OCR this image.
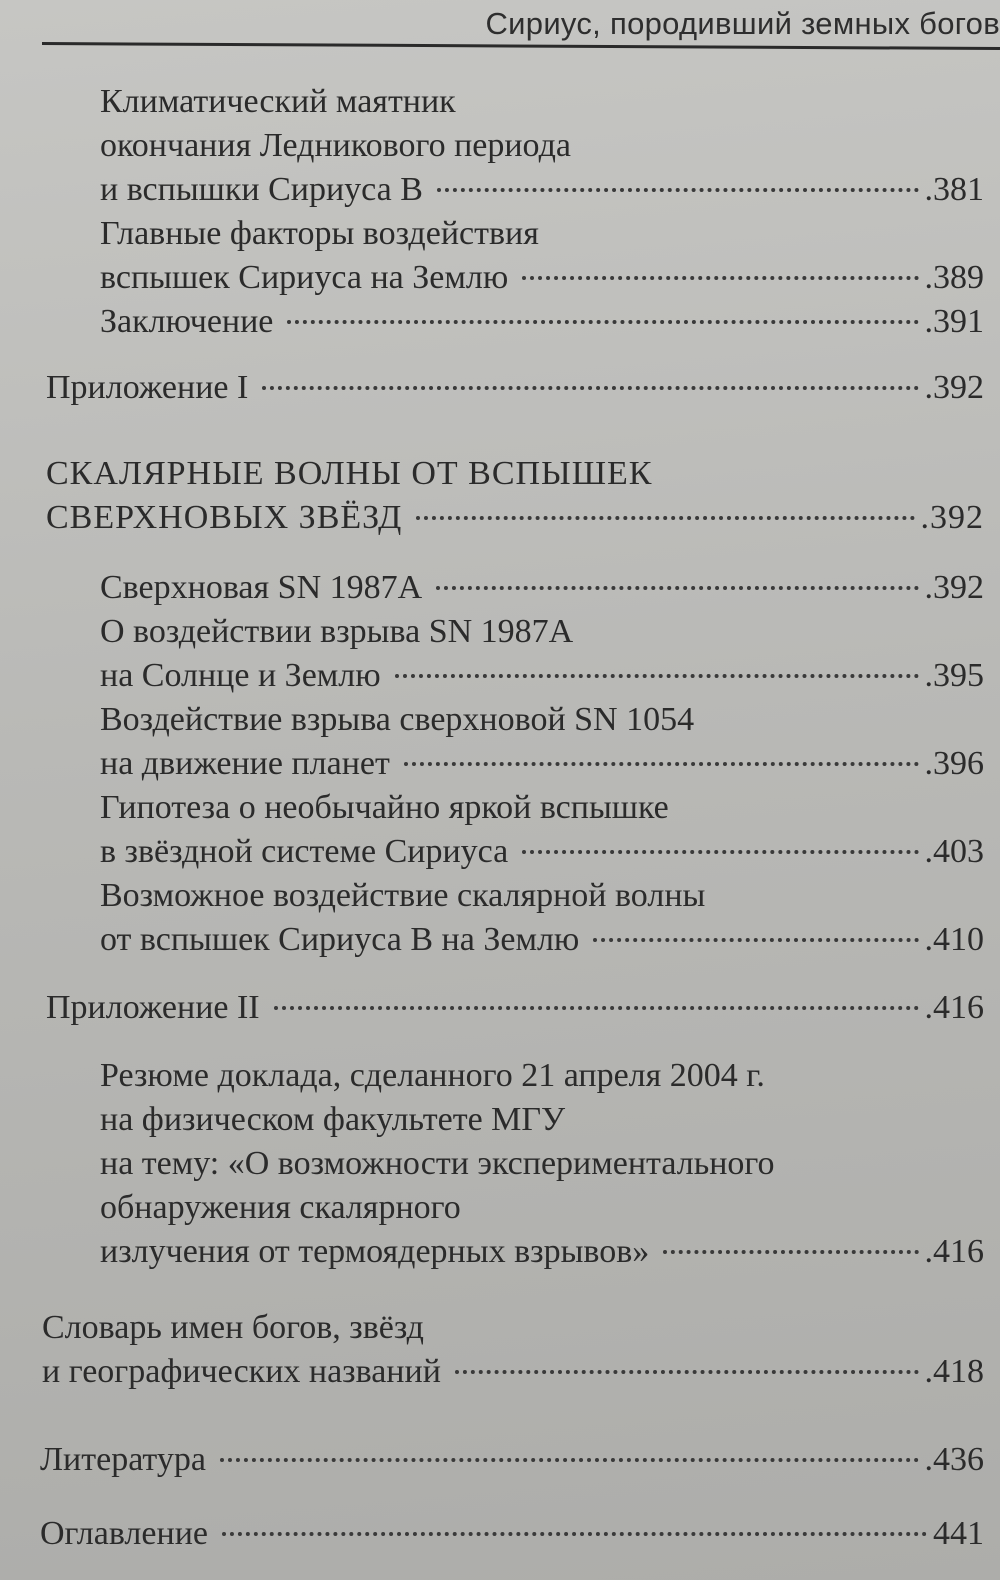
Сириус, породивший земных богов
Климатический маятник
окончания Ледникового периода
и вспышки Сириуса В	.381
Главные факторы воздействия
вспышек Сириуса на Землю	.389
Заключение	.391
Приложение I	.392
СКАЛЯРНЫЕ ВОЛНЫ ОТ ВСПЫШЕК
СВЕРХНОВЫХ ЗВЁЗД	.392
Сверхновая SN 1987А	.392
О воздействии взрыва SN 1987А
на Солнце и Землю	.395
Воздействие взрыва сверхновой SN 1054
на движение планет	.396
Гипотеза о необычайно яркой вспышке
в звёздной системе Сириуса	.403
Возможное воздействие скалярной волны
от вспышек Сириуса В на Землю	.410
Приложение II	.416
Резюме доклада, сделанного 21 апреля 2004 г.
на физическом факультете МГУ
на тему: «О возможности экспериментального
обнаружения скалярного
излучения от термоядерных взрывов»	.416
Словарь имен богов, звёзд
и географических названий	.418
Литература	.436
Оглавление	441
